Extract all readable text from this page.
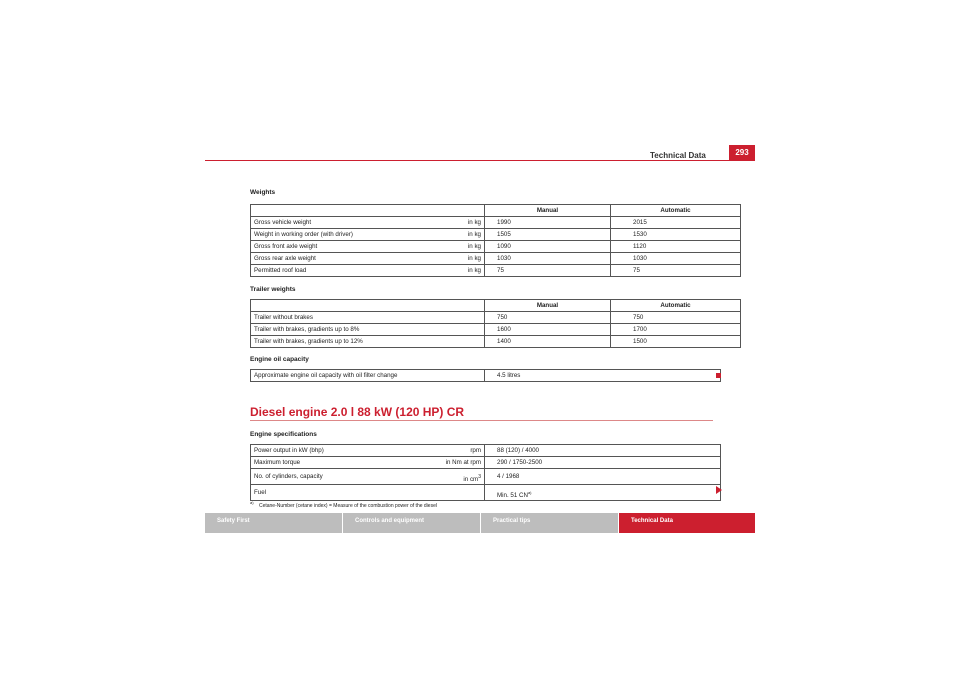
Technical Data	293
Weights
	Manual	Automatic
Gross vehicle weight in kg	1990	2015
Weight in working order (with driver) in kg	1505	1530
Gross front axle weight in kg	1090	1120
Gross rear axle weight in kg	1030	1030
Permitted roof load in kg	75	75
Trailer weights
	Manual	Automatic
Trailer without brakes	750	750
Trailer with brakes, gradients up to 8%	1600	1700
Trailer with brakes, gradients up to 12%	1400	1500
Engine oil capacity
Approximate engine oil capacity with oil filter change	4.5 litres
Diesel engine 2.0 l 88 kW (120 HP) CR
Engine specifications
Power output in kW (bhp) rpm	88 (120) / 4000
Maximum torque in Nm at rpm	290 / 1750-2500
No. of cylinders, capacity in $cm^3$	4 / 1968
Fuel	Min. 51 CN$^{a)}$
$^{a)}$ Cetane-Number (cetane index) = Measure of the combustion power of the diesel
Safety First	Controls and equipment	Practical tips	Technical Data
